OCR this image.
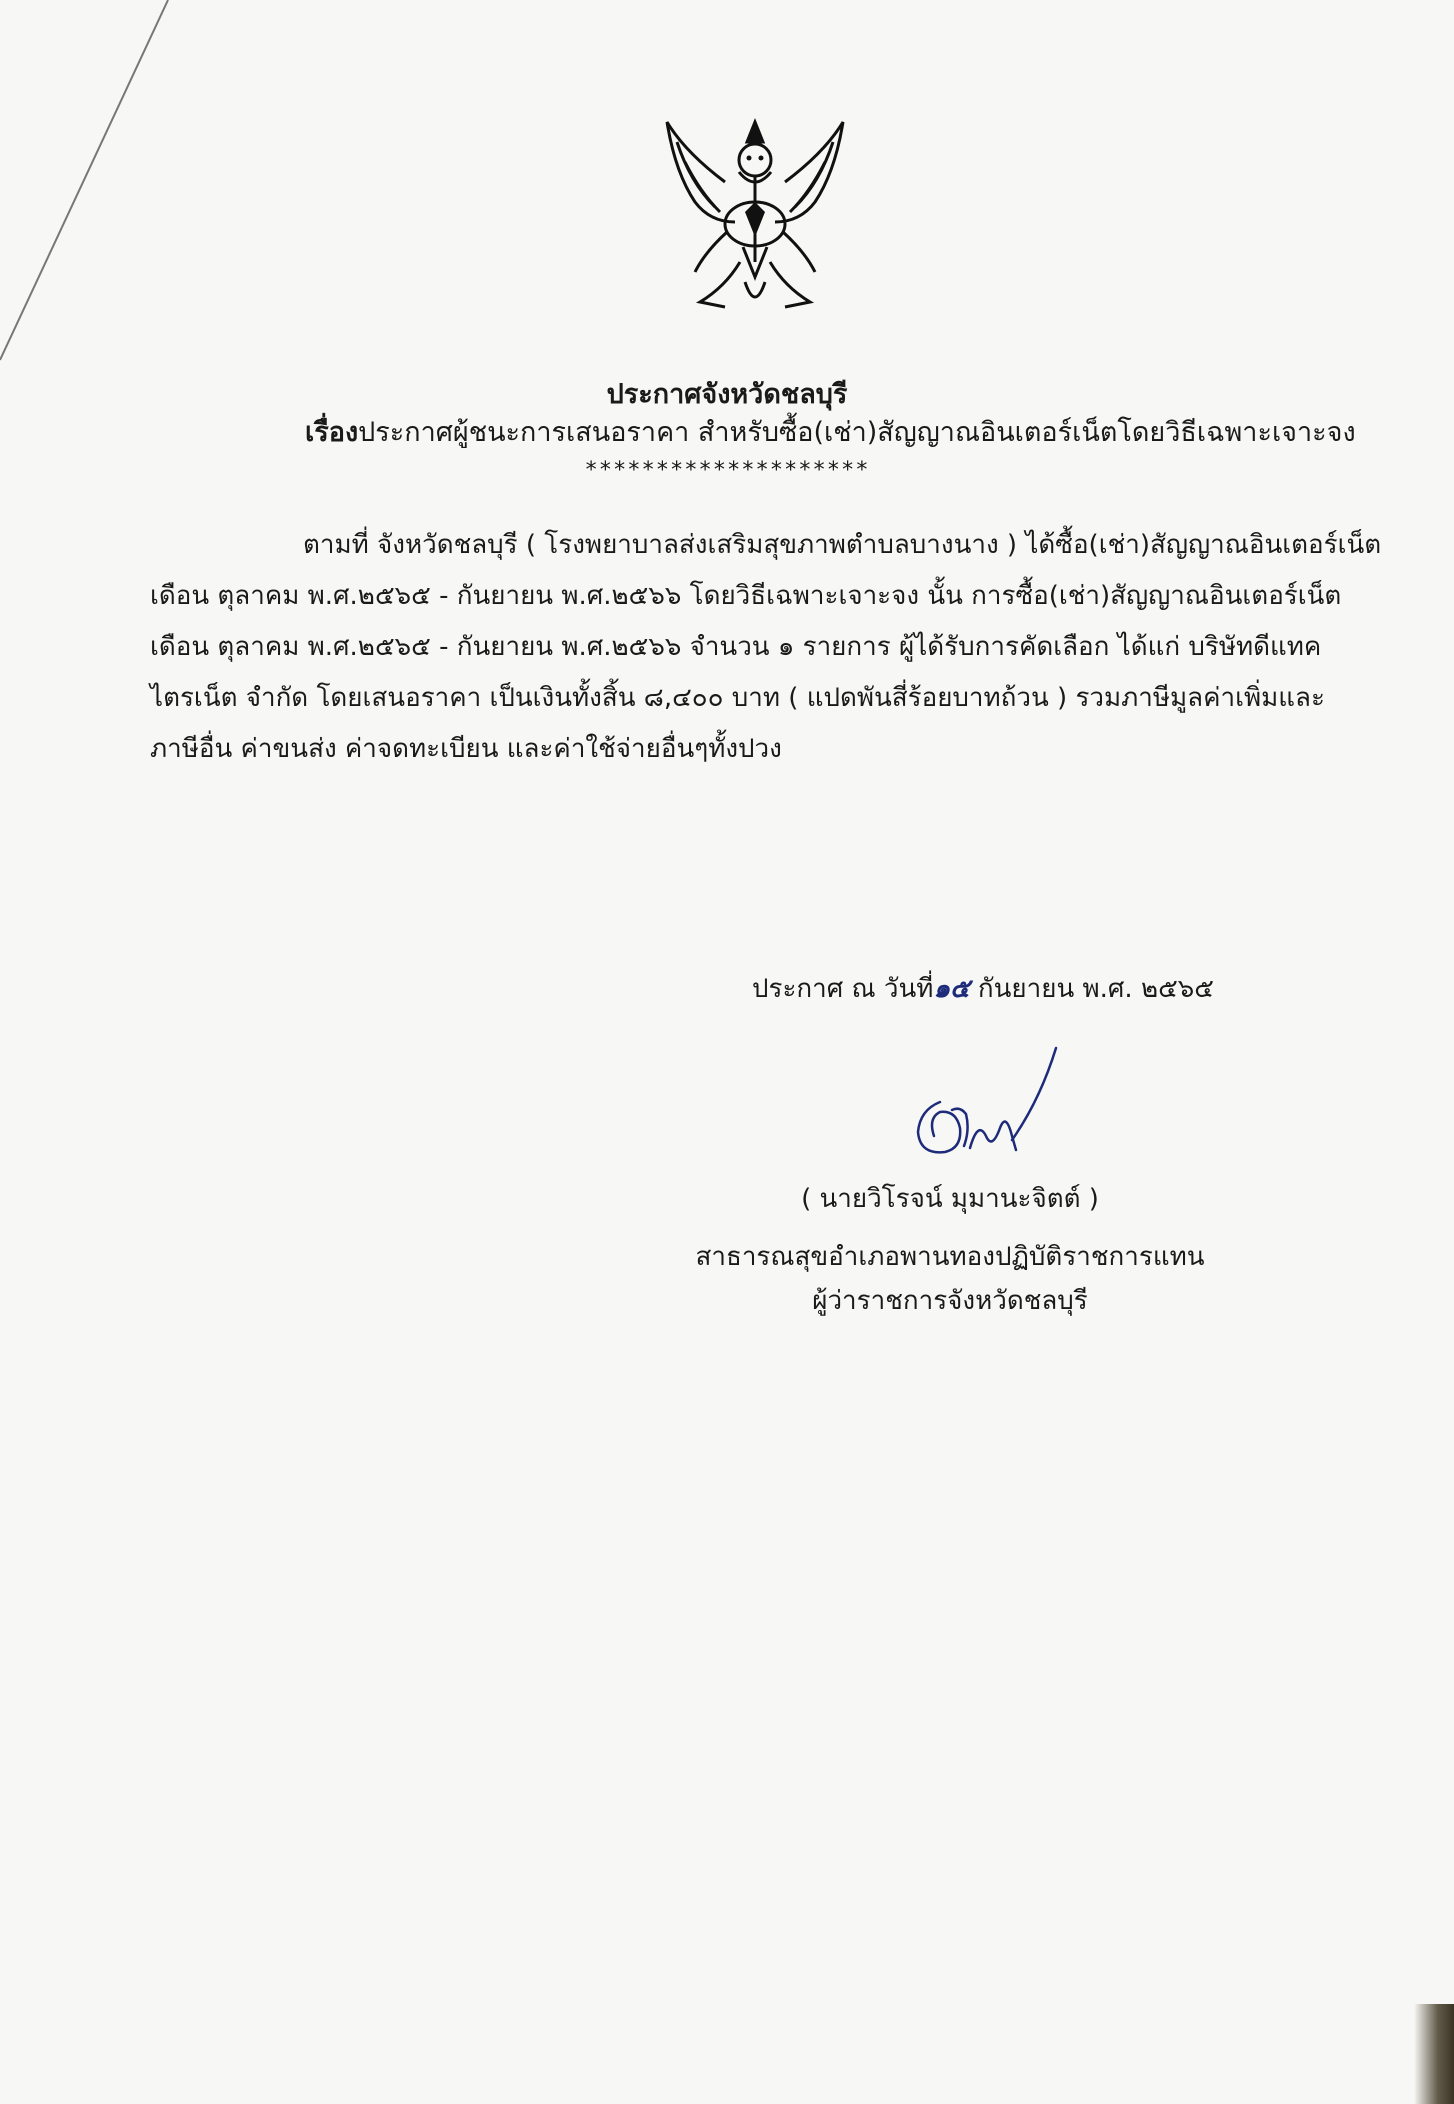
ประกาศจังหวัดชลบุรี
เรื่องประกาศผู้ชนะการเสนอราคา สำหรับซื้อ(เช่า)สัญญาณอินเตอร์เน็ตโดยวิธีเฉพาะเจาะจง
********************
ตามที่ จังหวัดชลบุรี ( โรงพยาบาลส่งเสริมสุขภาพตำบลบางนาง ) ได้ซื้อ(เช่า)สัญญาณอินเตอร์เน็ต
เดือน ตุลาคม พ.ศ.๒๕๖๕ - กันยายน พ.ศ.๒๕๖๖ โดยวิธีเฉพาะเจาะจง นั้น การซื้อ(เช่า)สัญญาณอินเตอร์เน็ต
เดือน ตุลาคม พ.ศ.๒๕๖๕ - กันยายน พ.ศ.๒๕๖๖ จำนวน ๑ รายการ ผู้ได้รับการคัดเลือก ได้แก่ บริษัทดีแทค
ไตรเน็ต จำกัด โดยเสนอราคา เป็นเงินทั้งสิ้น ๘,๔๐๐ บาท ( แปดพันสี่ร้อยบาทถ้วน ) รวมภาษีมูลค่าเพิ่มและ
ภาษีอื่น ค่าขนส่ง ค่าจดทะเบียน และค่าใช้จ่ายอื่นๆทั้งปวง
ประกาศ ณ วันที่๑๕ กันยายน พ.ศ. ๒๕๖๕
( นายวิโรจน์ มุมานะจิตต์ )
สาธารณสุขอำเภอพานทองปฏิบัติราชการแทน
ผู้ว่าราชการจังหวัดชลบุรี
